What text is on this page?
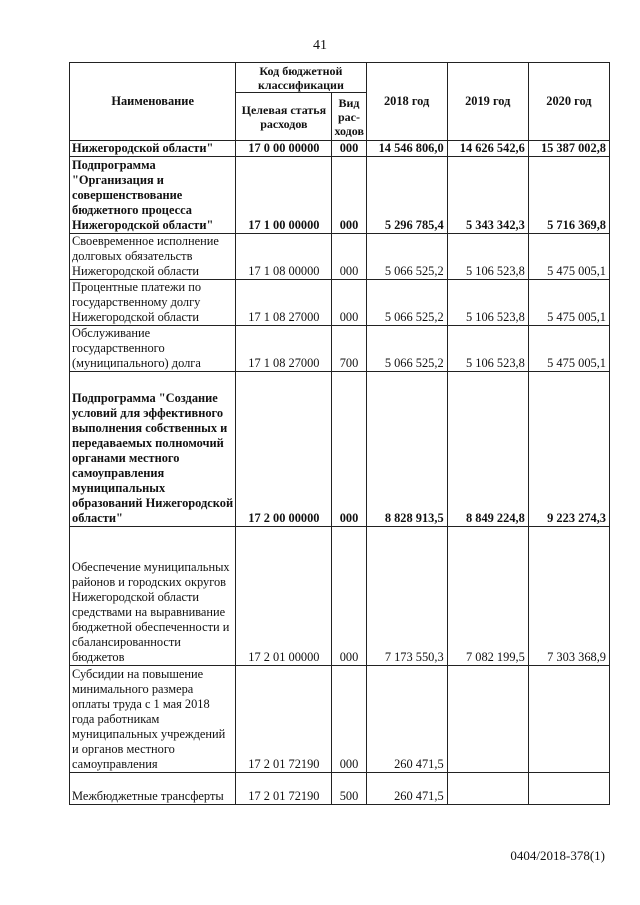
41
Наименование	Код бюджетной классификации		2018 год	2019 год	2020 год
	Целевая статья расходов	Вид рас-ходов			
Нижегородской области"	17 0 00 00000	000	14 546 806,0	14 626 542,6	15 387 002,8
Подпрограмма "Организация и совершенствование бюджетного процесса Нижегородской области"	17 1 00 00000	000	5 296 785,4	5 343 342,3	5 716 369,8
Своевременное исполнение долговых обязательств Нижегородской области	17 1 08 00000	000	5 066 525,2	5 106 523,8	5 475 005,1
Процентные платежи по государственному долгу Нижегородской области	17 1 08 27000	000	5 066 525,2	5 106 523,8	5 475 005,1
Обслуживание государственного (муниципального) долга	17 1 08 27000	700	5 066 525,2	5 106 523,8	5 475 005,1
Подпрограмма "Создание условий для эффективного выполнения собственных и передаваемых полномочий органами местного самоуправления муниципальных образований Нижегородской области"	17 2 00 00000	000	8 828 913,5	8 849 224,8	9 223 274,3
Обеспечение муниципальных районов и городских округов Нижегородской области средствами на выравнивание бюджетной обеспеченности и сбалансированности бюджетов	17 2 01 00000	000	7 173 550,3	7 082 199,5	7 303 368,9
Субсидии на повышение минимального размера оплаты труда с 1 мая 2018 года работникам муниципальных учреждений и органов местного самоуправления	17 2 01 72190	000	260 471,5		
Межбюджетные трансферты	17 2 01 72190	500	260 471,5		
0404/2018-378(1)
